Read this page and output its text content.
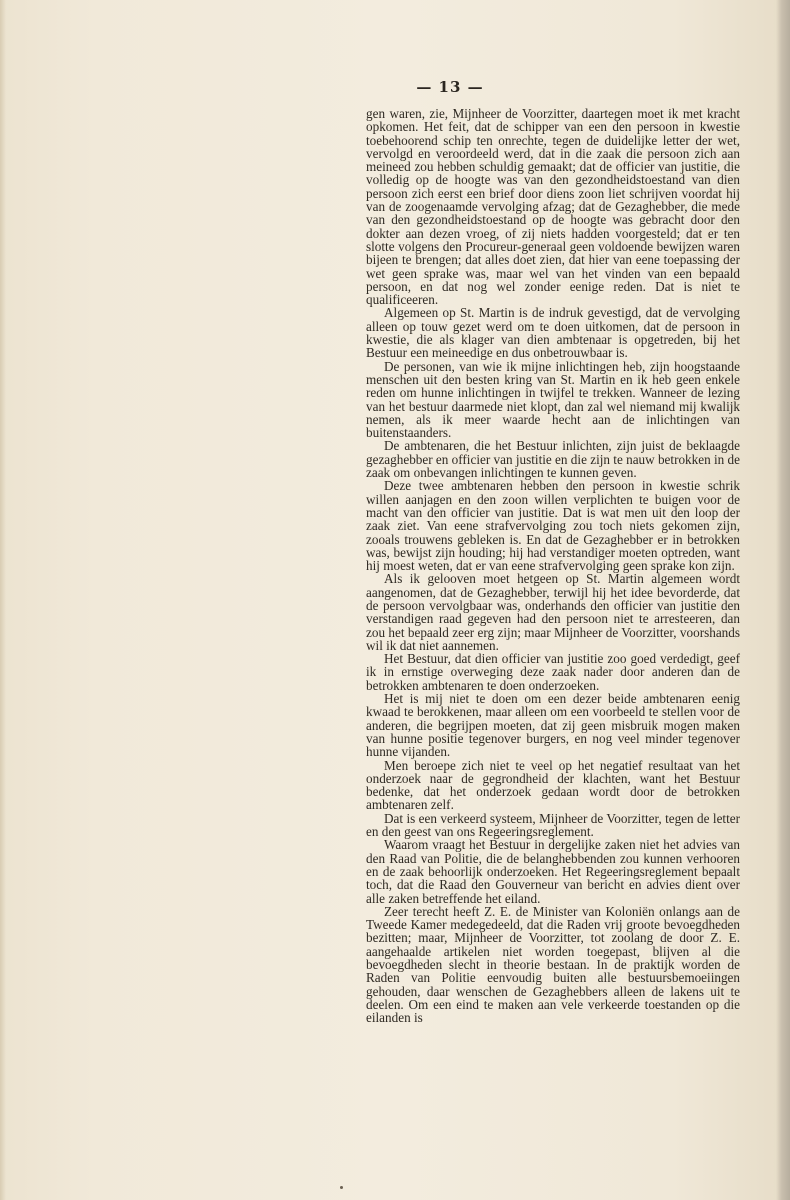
— 13 —

gen waren, zie, Mijnheer de Voorzitter, daartegen moet ik met kracht opkomen. Het feit, dat de schipper van een den persoon in kwestie toebehoorend schip ten onrechte, tegen de duidelijke letter der wet, vervolgd en veroordeeld werd, dat in die zaak die persoon zich aan meineed zou hebben schuldig gemaakt; dat de officier van justitie, die volledig op de hoogte was van den gezondheidstoestand van dien persoon zich eerst een brief door diens zoon liet schrijven voordat hij van de zoogenaamde vervolging afzag; dat de Gezaghebber, die mede van den gezondheidstoestand op de hoogte was gebracht door den dokter aan dezen vroeg, of zij niets hadden voorgesteld; dat er ten slotte volgens den Procureur-generaal geen voldoende bewijzen waren bijeen te brengen; dat alles doet zien, dat hier van eene toepassing der wet geen sprake was, maar wel van het vinden van een bepaald persoon, en dat nog wel zonder eenige reden. Dat is niet te qualificeeren.

Algemeen op St. Martin is de indruk gevestigd, dat de vervolging alleen op touw gezet werd om te doen uitkomen, dat de persoon in kwestie, die als klager van dien ambtenaar is opgetreden, bij het Bestuur een meineedige en dus onbetrouwbaar is.

De personen, van wie ik mijne inlichtingen heb, zijn hoogstaande menschen uit den besten kring van St. Martin en ik heb geen enkele reden om hunne inlichtingen in twijfel te trekken. Wanneer de lezing van het bestuur daarmede niet klopt, dan zal wel niemand mij kwalijk nemen, als ik meer waarde hecht aan de inlichtingen van buitenstaanders.

De ambtenaren, die het Bestuur inlichten, zijn juist de beklaagde gezaghebber en officier van justitie en die zijn te nauw betrokken in de zaak om onbevangen inlichtingen te kunnen geven.

Deze twee ambtenaren hebben den persoon in kwestie schrik willen aanjagen en den zoon willen verplichten te buigen voor de macht van den officier van justitie. Dat is wat men uit den loop der zaak ziet. Van eene strafvervolging zou toch niets gekomen zijn, zooals trouwens gebleken is. En dat de Gezaghebber er in betrokken was, bewijst zijn houding; hij had verstandiger moeten optreden, want hij moest weten, dat er van eene strafvervolging geen sprake kon zijn.

Als ik gelooven moet hetgeen op St. Martin algemeen wordt aangenomen, dat de Gezaghebber, terwijl hij het idee bevorderde, dat de persoon vervolgbaar was, onderhands den officier van justitie den verstandigen raad gegeven had den persoon niet te arresteeren, dan zou het bepaald zeer erg zijn; maar Mijnheer de Voorzitter, voorshands wil ik dat niet aannemen.

Het Bestuur, dat dien officier van justitie zoo goed verdedigt, geef ik in ernstige overweging deze zaak nader door anderen dan de betrokken ambtenaren te doen onderzoeken.

Het is mij niet te doen om een dezer beide ambtenaren eenig kwaad te berokkenen, maar alleen om een voorbeeld te stellen voor de anderen, die begrijpen moeten, dat zij geen misbruik mogen maken van hunne positie tegenover burgers, en nog veel minder tegenover hunne vijanden.

Men beroepe zich niet te veel op het negatief resultaat van het onderzoek naar de gegrondheid der klachten, want het Bestuur bedenke, dat het onderzoek gedaan wordt door de betrokken ambtenaren zelf.

Dat is een verkeerd systeem, Mijnheer de Voorzitter, tegen de letter en den geest van ons Regeeringsreglement.

Waarom vraagt het Bestuur in dergelijke zaken niet het advies van den Raad van Politie, die de belanghebbenden zou kunnen verhooren en de zaak behoorlijk onderzoeken. Het Regeeringsreglement bepaalt toch, dat die Raad den Gouverneur van bericht en advies dient over alle zaken betreffende het eiland.

Zeer terecht heeft Z. E. de Minister van Koloniën onlangs aan de Tweede Kamer medegedeeld, dat die Raden vrij groote bevoegdheden bezitten; maar, Mijnheer de Voorzitter, tot zoolang de door Z. E. aangehaalde artikelen niet worden toegepast, blijven al die bevoegdheden slecht in theorie bestaan. In de praktijk worden de Raden van Politie eenvoudig buiten alle bestuursbemoeiingen gehouden, daar wenschen de Gezaghebbers alleen de lakens uit te deelen. Om een eind te maken aan vele verkeerde toestanden op die eilanden is
